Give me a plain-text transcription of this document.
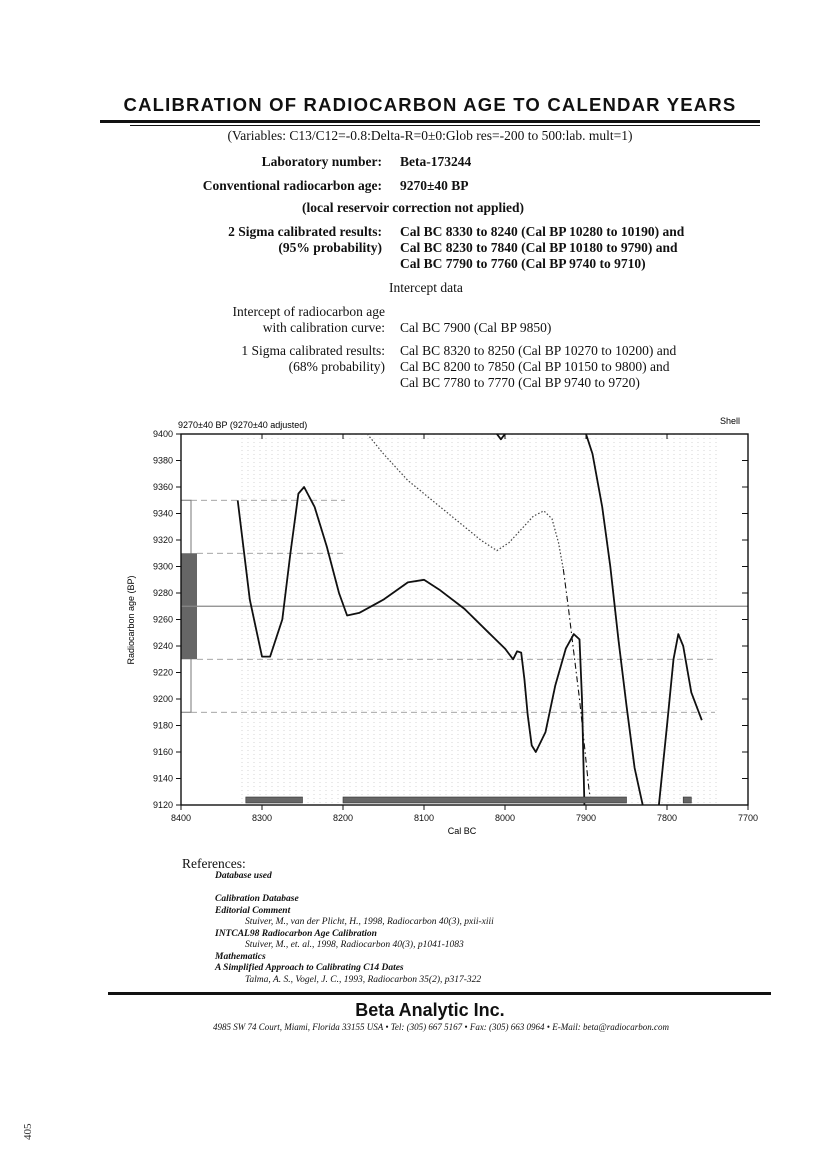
CALIBRATION OF RADIOCARBON AGE TO CALENDAR YEARS
(Variables: C13/C12=-0.8:Delta-R=0±0:Glob res=-200 to 500:lab. mult=1)
Laboratory number: Beta-173244
Conventional radiocarbon age: 9270±40 BP
(local reservoir correction not applied)
2 Sigma calibrated results:
(95% probability)
Cal BC 8330 to 8240 (Cal BP 10280 to 10190) and
Cal BC 8230 to 7840 (Cal BP 10180 to 9790) and
Cal BC 7790 to 7760 (Cal BP 9740 to 9710)
Intercept data
Intercept of radiocarbon age
with calibration curve: Cal BC 7900 (Cal BP 9850)
1 Sigma calibrated results:
(68% probability)
Cal BC 8320 to 8250 (Cal BP 10270 to 10200) and
Cal BC 8200 to 7850 (Cal BP 10150 to 9800) and
Cal BC 7780 to 7770 (Cal BP 9740 to 9720)
9270±40 BP (9270±40 adjusted)	Shell
Cal BC
Radiocarbon age (BP)
9400
9380
9360
9340
9320
9300
9280
9260
9240
9220
9200
9180
9160
9140
9120
8400	8300	8200	8100	8000	7900	7800	7700
References:
Database used
Calibration Database
Editorial Comment
Stuiver, M., van der Plicht, H., 1998, Radiocarbon 40(3), pxii-xiii
INTCAL98 Radiocarbon Age Calibration
Stuiver, M., et. al., 1998, Radiocarbon 40(3), p1041-1083
Mathematics
A Simplified Approach to Calibrating C14 Dates
Talma, A. S., Vogel, J. C., 1993, Radiocarbon 35(2), p317-322
Beta Analytic Inc.
4985 SW 74 Court, Miami, Florida 33155 USA • Tel: (305) 667 5167 • Fax: (305) 663 0964 • E-Mail: beta@radiocarbon.com
405
